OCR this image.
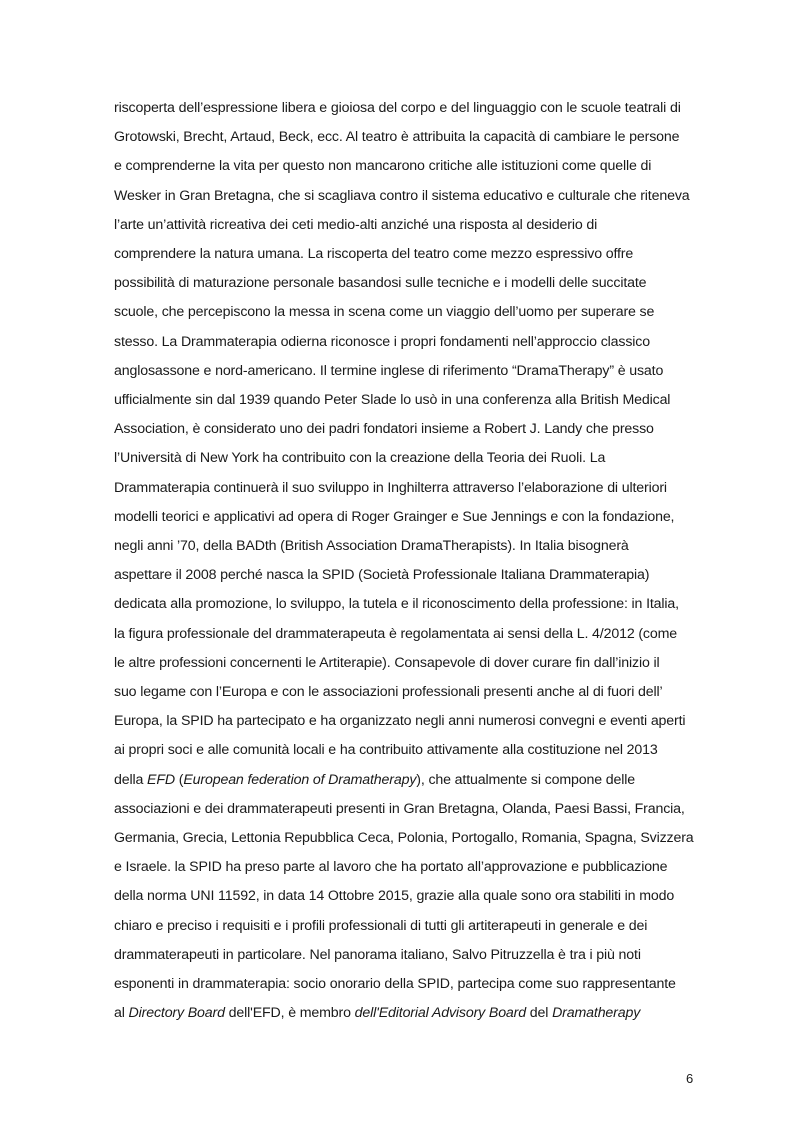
riscoperta dell’espressione libera e gioiosa del corpo e del linguaggio con le scuole teatrali di
Grotowski, Brecht, Artaud, Beck, ecc. Al teatro è attribuita la capacità di cambiare le persone
e comprenderne la vita per questo non mancarono critiche alle istituzioni come quelle di
Wesker in Gran Bretagna, che si scagliava contro il sistema educativo e culturale che riteneva
l’arte un’attività ricreativa dei ceti medio-alti anziché una risposta al desiderio di
comprendere la natura umana. La riscoperta del teatro come mezzo espressivo offre
possibilità di maturazione personale basandosi sulle tecniche e i modelli delle succitate
scuole, che percepiscono la messa in scena come un viaggio dell’uomo per superare se
stesso. La Drammaterapia odierna riconosce i propri fondamenti nell’approccio classico
anglosassone e nord-americano. Il termine inglese di riferimento “DramaTherapy” è usato
ufficialmente sin dal 1939 quando Peter Slade lo usò in una conferenza alla British Medical
Association, è considerato uno dei padri fondatori insieme a Robert J. Landy che presso
l’Università di New York ha contribuito con la creazione della Teoria dei Ruoli. La
Drammaterapia continuerà il suo sviluppo in Inghilterra attraverso l’elaborazione di ulteriori
modelli teorici e applicativi ad opera di Roger Grainger e Sue Jennings e con la fondazione,
negli anni ’70, della BADth (British Association DramaTherapists). In Italia bisognerà
aspettare il 2008 perché nasca la SPID (Società Professionale Italiana Drammaterapia)
dedicata alla promozione, lo sviluppo, la tutela e il riconoscimento della professione: in Italia,
la figura professionale del drammaterapeuta è regolamentata ai sensi della L. 4/2012 (come
le altre professioni concernenti le Artiterapie). Consapevole di dover curare fin dall’inizio il
suo legame con l’Europa e con le associazioni professionali presenti anche al di fuori dell’
Europa, la SPID ha partecipato e ha organizzato negli anni numerosi convegni e eventi aperti
ai propri soci e alle comunità locali e ha contribuito attivamente alla costituzione nel 2013
della EFD (European federation of Dramatherapy), che attualmente si compone delle
associazioni e dei drammaterapeuti presenti in Gran Bretagna, Olanda, Paesi Bassi, Francia,
Germania, Grecia, Lettonia Repubblica Ceca, Polonia, Portogallo, Romania, Spagna, Svizzera
e Israele. la SPID ha preso parte al lavoro che ha portato all’approvazione e pubblicazione
della norma UNI 11592, in data 14 Ottobre 2015, grazie alla quale sono ora stabiliti in modo
chiaro e preciso i requisiti e i profili professionali di tutti gli artiterapeuti in generale e dei
drammaterapeuti in particolare. Nel panorama italiano, Salvo Pitruzzella è tra i più noti
esponenti in drammaterapia: socio onorario della SPID, partecipa come suo rappresentante
al Directory Board dell'EFD, è membro dell'Editorial Advisory Board del Dramatherapy

6
